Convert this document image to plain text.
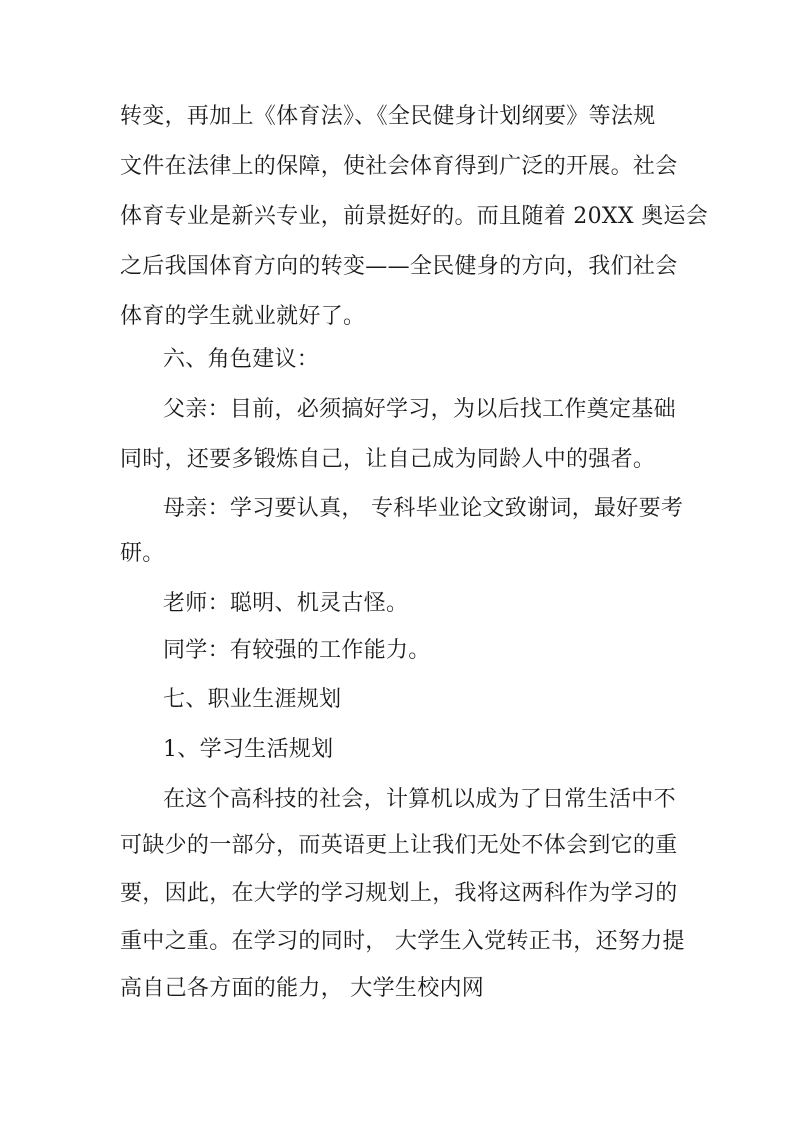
转变，再加上《体育法》、《全民健身计划纲要》等法规
文件在法律上的保障，使社会体育得到广泛的开展。社会
体育专业是新兴专业，前景挺好的。而且随着 20XX 奥运会
之后我国体育方向的转变——全民健身的方向，我们社会
体育的学生就业就好了。
六、角色建议：
父亲：目前，必须搞好学习，为以后找工作奠定基础
同时，还要多锻炼自己，让自己成为同龄人中的强者。
母亲：学习要认真， 专科毕业论文致谢词，最好要考
研。
老师：聪明、机灵古怪。
同学：有较强的工作能力。
七、职业生涯规划
1、学习生活规划
在这个高科技的社会，计算机以成为了日常生活中不
可缺少的一部分，而英语更上让我们无处不体会到它的重
要，因此，在大学的学习规划上，我将这两科作为学习的
重中之重。在学习的同时， 大学生入党转正书，还努力提
高自己各方面的能力， 大学生校内网
